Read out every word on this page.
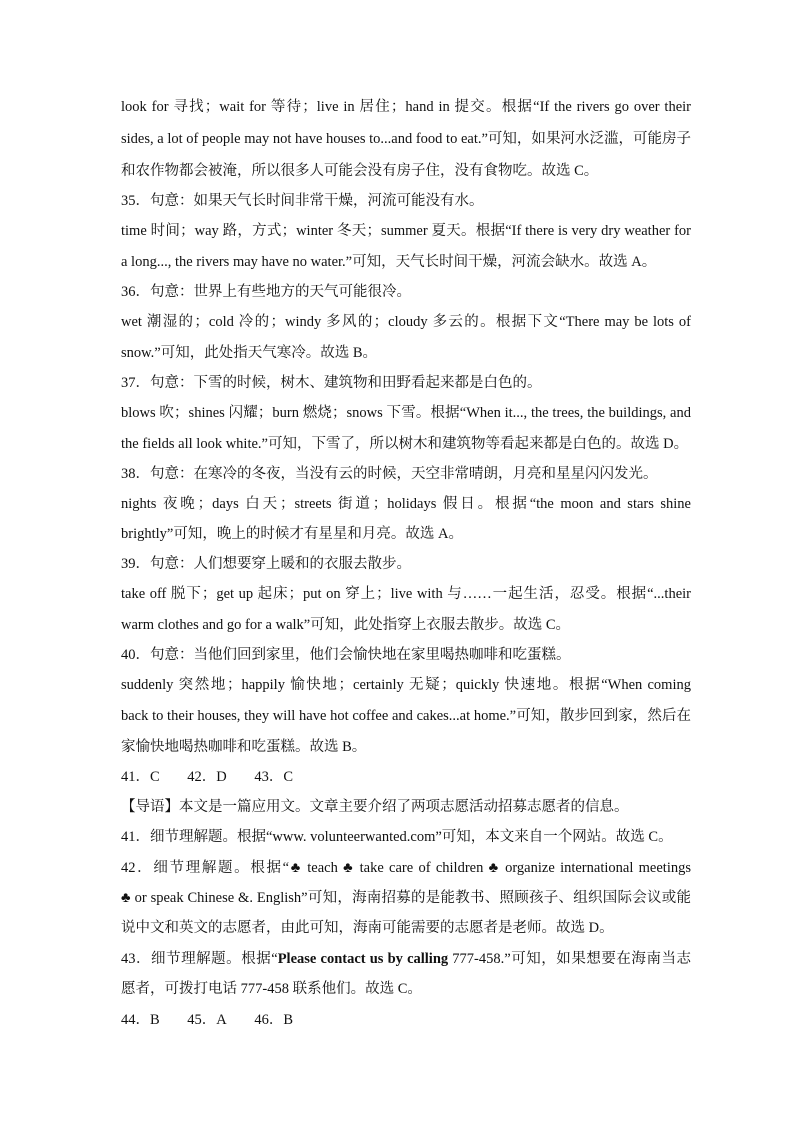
look for 寻找；wait for 等待；live in 居住；hand in 提交。根据“If the rivers go over their
sides, a lot of people may not have houses to...and food to eat.”可知，如果河水泛滥，可能房子
和农作物都会被淹，所以很多人可能会没有房子住，没有食物吃。故选 C。
35．句意：如果天气长时间非常干燥，河流可能没有水。
time 时间；way 路，方式；winter 冬天；summer 夏天。根据“If there is very dry weather for
a long..., the rivers may have no water.”可知，天气长时间干燥，河流会缺水。故选 A。
36．句意：世界上有些地方的天气可能很冷。
wet 潮湿的；cold 冷的；windy 多风的；cloudy 多云的。根据下文“There may be lots of
snow.”可知，此处指天气寒冷。故选 B。
37．句意：下雪的时候，树木、建筑物和田野看起来都是白色的。
blows 吹；shines 闪耀；burn 燃烧；snows 下雪。根据“When it..., the trees, the buildings, and
the fields all look white.”可知，下雪了，所以树木和建筑物等看起来都是白色的。故选 D。
38．句意：在寒冷的冬夜，当没有云的时候，天空非常晴朗，月亮和星星闪闪发光。
nights 夜晚；days 白天；streets 街道；holidays 假日。根据“the moon and stars shine
brightly”可知，晚上的时候才有星星和月亮。故选 A。
39．句意：人们想要穿上暖和的衣服去散步。
take off 脱下；get up 起床；put on 穿上；live with 与……一起生活，忍受。根据“...their
warm clothes and go for a walk”可知，此处指穿上衣服去散步。故选 C。
40．句意：当他们回到家里，他们会愉快地在家里喝热咖啡和吃蛋糕。
suddenly 突然地；happily 愉快地；certainly 无疑；quickly 快速地。根据“When coming
back to their houses, they will have hot coffee and cakes...at home.”可知，散步回到家，然后在
家愉快地喝热咖啡和吃蛋糕。故选 B。
41．C 42．D 43．C
【导语】本文是一篇应用文。文章主要介绍了两项志愿活动招募志愿者的信息。
41．细节理解题。根据“www. volunteerwanted.com”可知，本文来自一个网站。故选 C。
42．细节理解题。根据“♣ teach ♣ take care of children ♣ organize international meetings
♣ or speak Chinese &. English”可知，海南招募的是能教书、照顾孩子、组织国际会议或能
说中文和英文的志愿者，由此可知，海南可能需要的志愿者是老师。故选 D。
43．细节理解题。根据“Please contact us by calling 777-458.”可知，如果想要在海南当志
愿者，可拨打电话 777-458 联系他们。故选 C。
44．B 45．A 46．B
